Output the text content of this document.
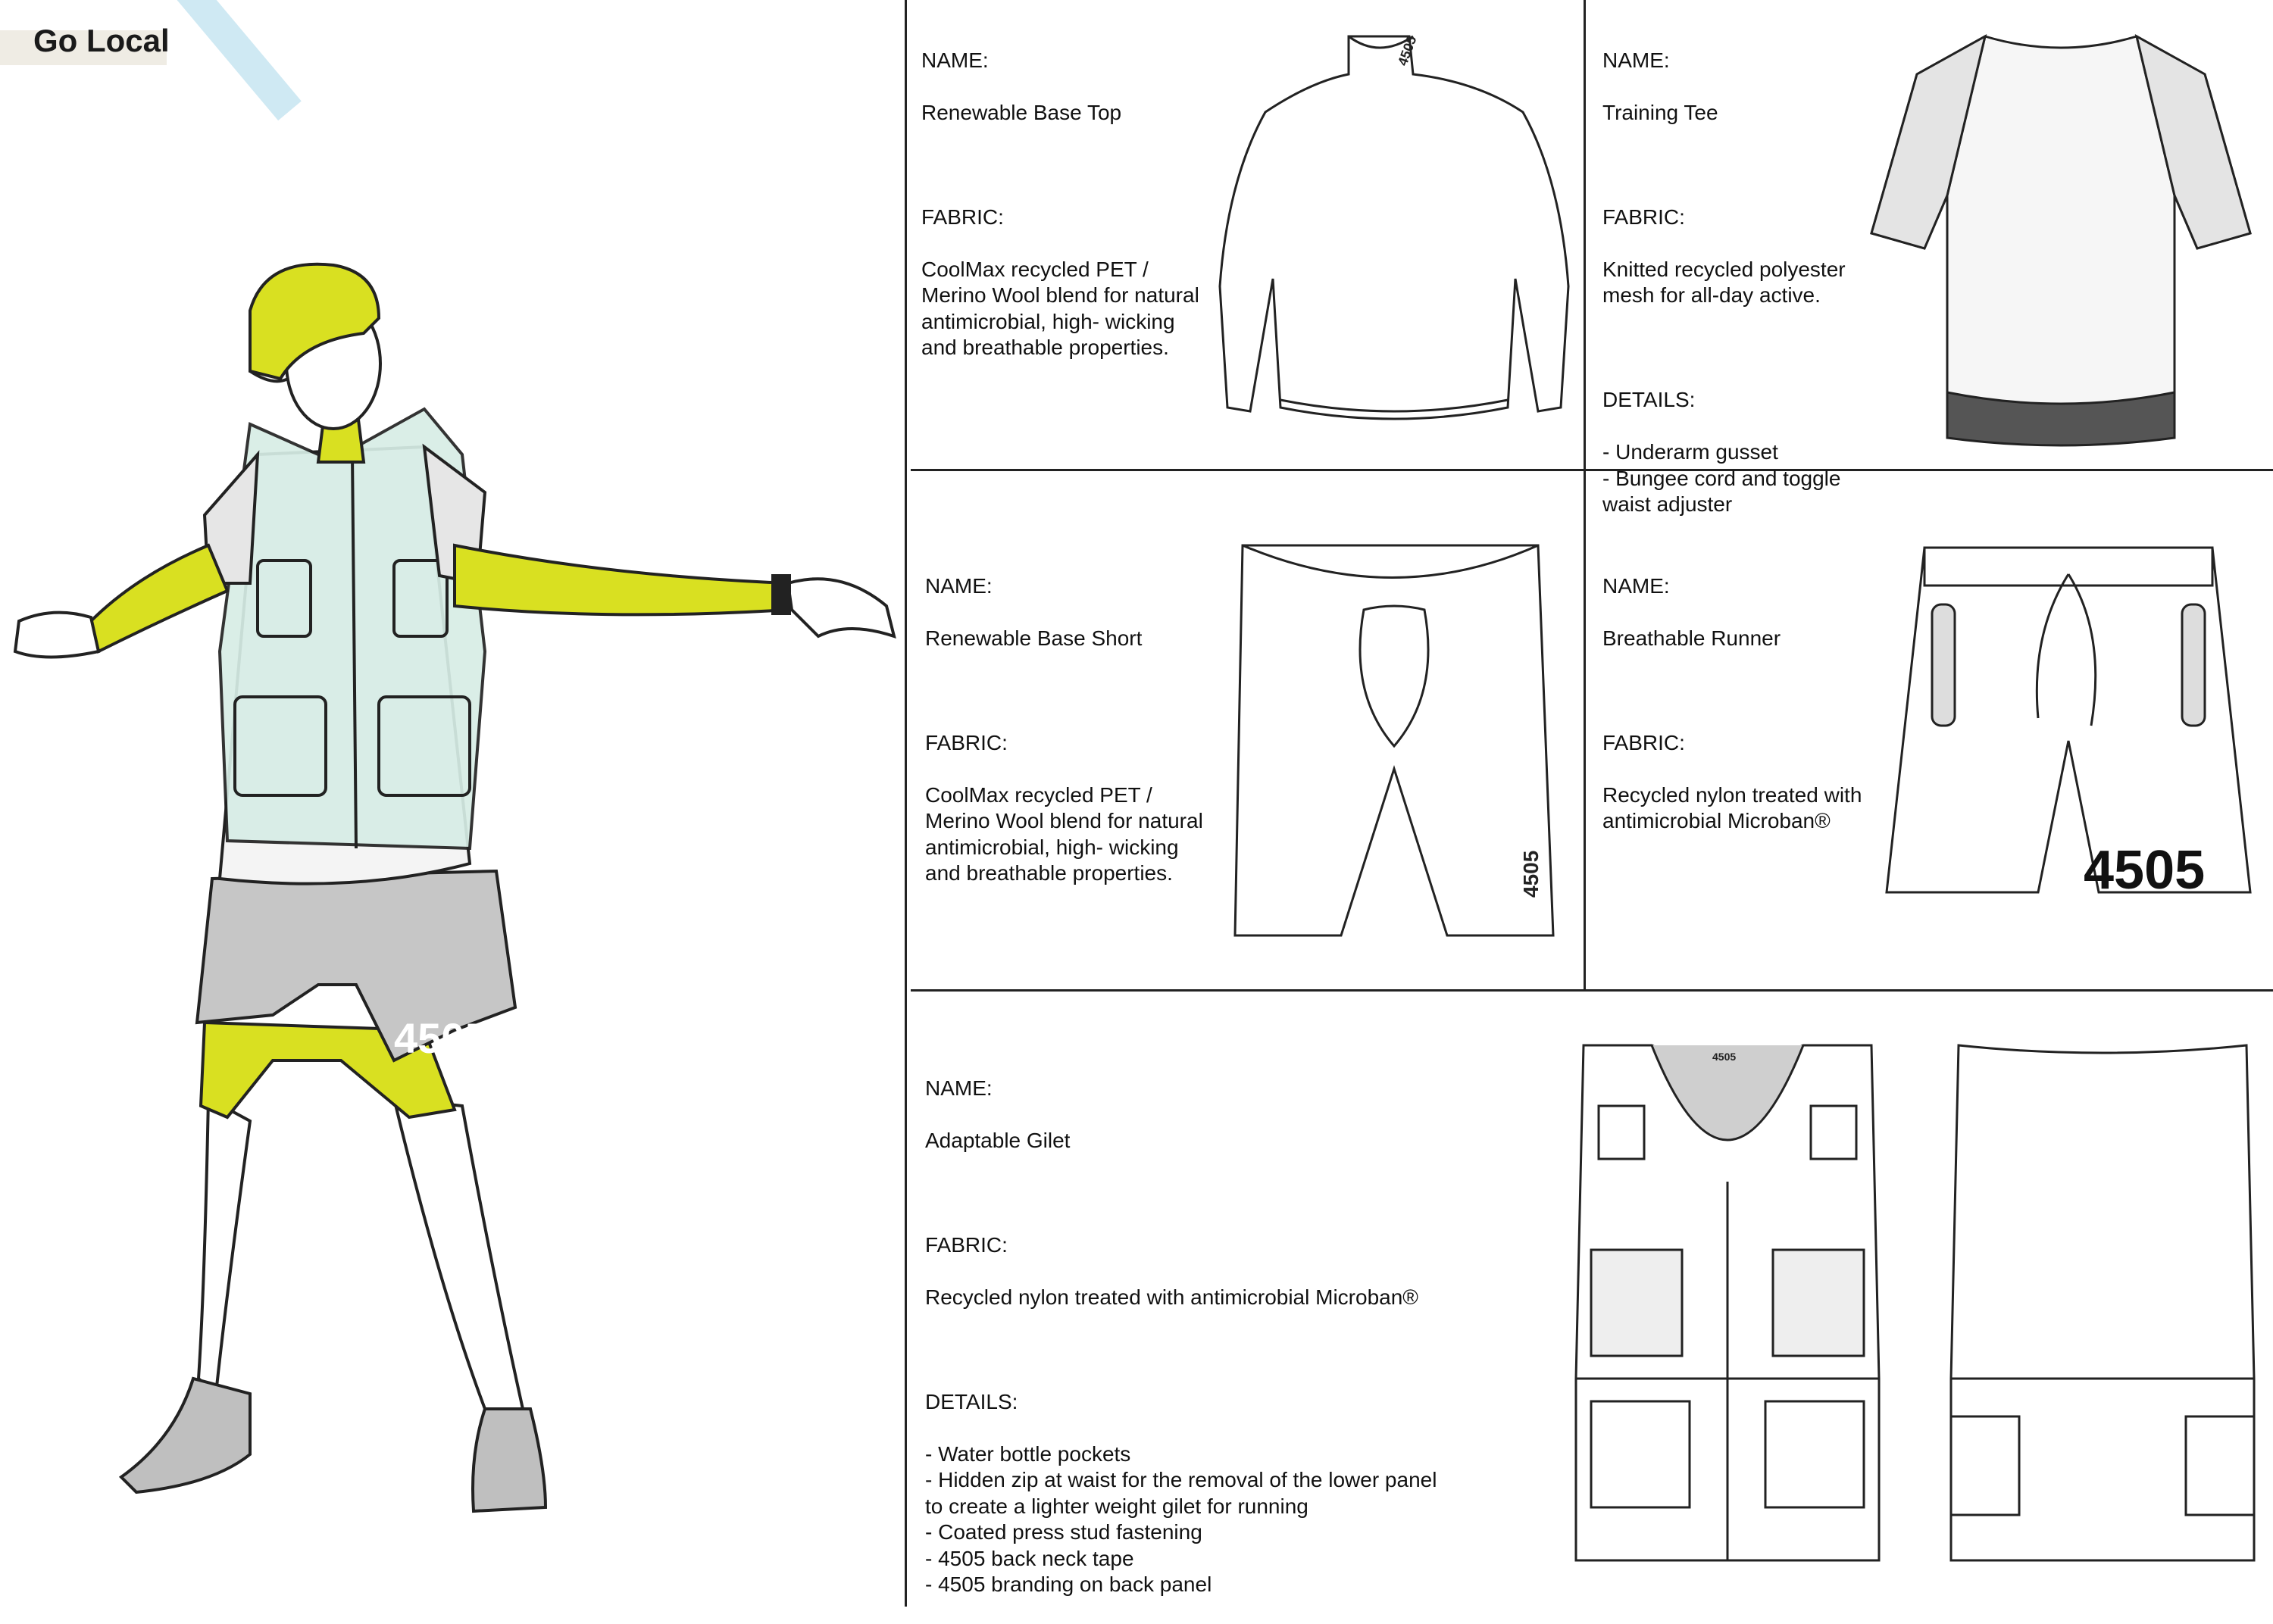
Go Local
4505

NAME:

Renewable Base Top

FABRIC:

CoolMax recycled PET /
Merino Wool blend for natural
antimicrobial, high- wicking
and breathable properties.

4505	NAME:

Training Tee

FABRIC:

Knitted recycled polyester
mesh for all-day active.

DETAILS:

- Underarm gusset
- Bungee cord and toggle
waist adjuster

NAME:

Renewable Base Short

FABRIC:

CoolMax recycled PET /
Merino Wool blend for natural
antimicrobial, high- wicking
and breathable properties.	4505

NAME:

Breathable Runner

FABRIC:

Recycled nylon treated with
antimicrobial Microban®

4505

NAME:

Adaptable Gilet

FABRIC:

Recycled nylon treated with antimicrobial Microban®

DETAILS:

- Water bottle pockets
- Hidden zip at waist for the removal of the lower panel
to create a lighter weight gilet for running
- Coated press stud fastening
- 4505 back neck tape
- 4505 branding on back panel

4505
